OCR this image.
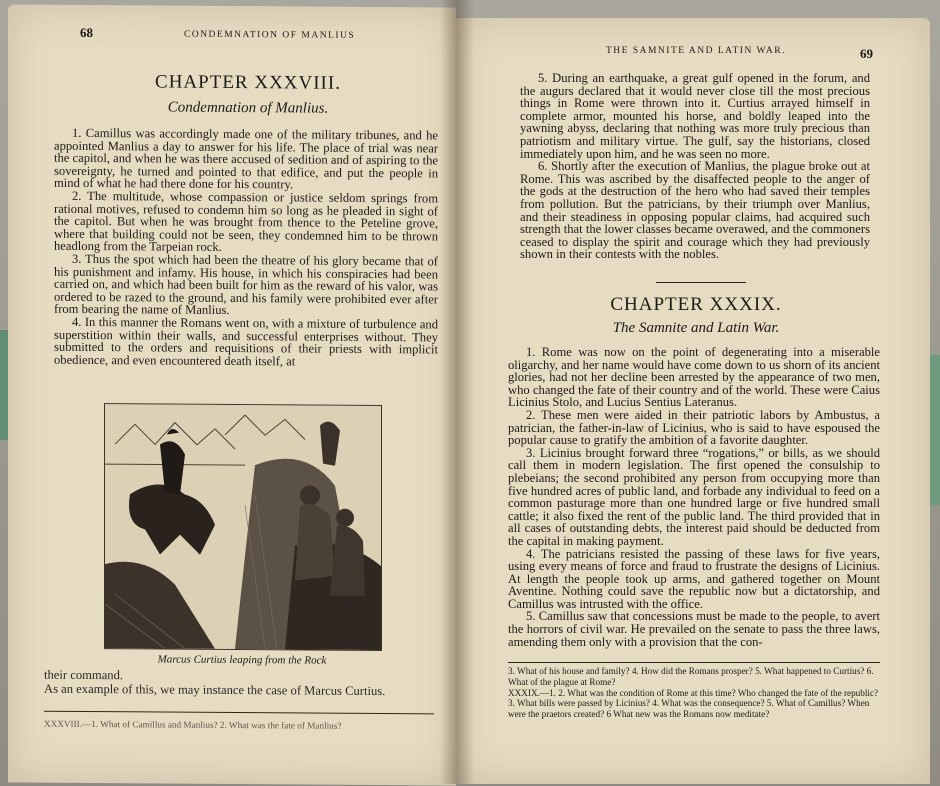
68	CONDEMNATION OF MANLIUS
CHAPTER XXXVIII.
Condemnation of Manlius.

1. Camillus was accordingly made one of the military tribunes, and he appointed Manlius a day to answer for his life. The place of trial was near the capitol, and when he was there accused of sedition and of aspiring to the sovereignty, he turned and pointed to that edifice, and put the people in mind of what he had there done for his country.

2. The multitude, whose compassion or justice seldom springs from rational motives, refused to condemn him so long as he pleaded in sight of the capitol. But when he was brought from thence to the Peteline grove, where that building could not be seen, they condemned him to be thrown headlong from the Tarpeian rock.

3. Thus the spot which had been the theatre of his glory became that of his punishment and infamy. His house, in which his conspiracies had been carried on, and which had been built for him as the reward of his valor, was ordered to be razed to the ground, and his family were prohibited ever after from bearing the name of Manlius.

4. In this manner the Romans went on, with a mixture of turbulence and superstition within their walls, and successful enterprises without. They submitted to the orders and requisitions of their priests with implicit obedience, and even encountered death itself, at

Marcus Curtius leaping from the Rock
their command.
As an example of this, we may instance the case of Marcus Curtius.
XXXVIII.—1. What of Camillus and Manlius? 2. What was the fate of Manlius?
THE SAMNITE AND LATIN WAR.	69

5. During an earthquake, a great gulf opened in the forum, and the augurs declared that it would never close till the most precious things in Rome were thrown into it. Curtius arrayed himself in complete armor, mounted his horse, and boldly leaped into the yawning abyss, declaring that nothing was more truly precious than patriotism and military virtue. The gulf, say the historians, closed immediately upon him, and he was seen no more.

6. Shortly after the execution of Manlius, the plague broke out at Rome. This was ascribed by the disaffected people to the anger of the gods at the destruction of the hero who had saved their temples from pollution. But the patricians, by their triumph over Manlius, and their steadiness in opposing popular claims, had acquired such strength that the lower classes became overawed, and the commoners ceased to display the spirit and courage which they had previously shown in their contests with the nobles.

CHAPTER XXXIX.
The Samnite and Latin War.

1. Rome was now on the point of degenerating into a miserable oligarchy, and her name would have come down to us shorn of its ancient glories, had not her decline been arrested by the appearance of two men, who changed the fate of their country and of the world. These were Caius Licinius Stolo, and Lucius Sentius Lateranus.

2. These men were aided in their patriotic labors by Ambustus, a patrician, the father-in-law of Licinius, who is said to have espoused the popular cause to gratify the ambition of a favorite daughter.

3. Licinius brought forward three “rogations,” or bills, as we should call them in modern legislation. The first opened the consulship to plebeians; the second prohibited any person from occupying more than five hundred acres of public land, and forbade any individual to feed on a common pasturage more than one hundred large or five hundred small cattle; it also fixed the rent of the public land. The third provided that in all cases of outstanding debts, the interest paid should be deducted from the capital in making payment.

4. The patricians resisted the passing of these laws for five years, using every means of force and fraud to frustrate the designs of Licinius. At length the people took up arms, and gathered together on Mount Aventine. Nothing could save the republic now but a dictatorship, and Camillus was intrusted with the office.

5. Camillus saw that concessions must be made to the people, to avert the horrors of civil war. He prevailed on the senate to pass the three laws, amending them only with a provision that the con-

3. What of his house and family? 4. How did the Romans prosper? 5. What happened to Curtius? 6. What of the plague at Rome?

XXXIX.—1. 2. What was the condition of Rome at this time? Who changed the fate of the republic? 3. What bills were passed by Licinius? 4. What was the consequence? 5. What of Camillus? When were the praetors created? 6 What new was the Romans now meditate?
